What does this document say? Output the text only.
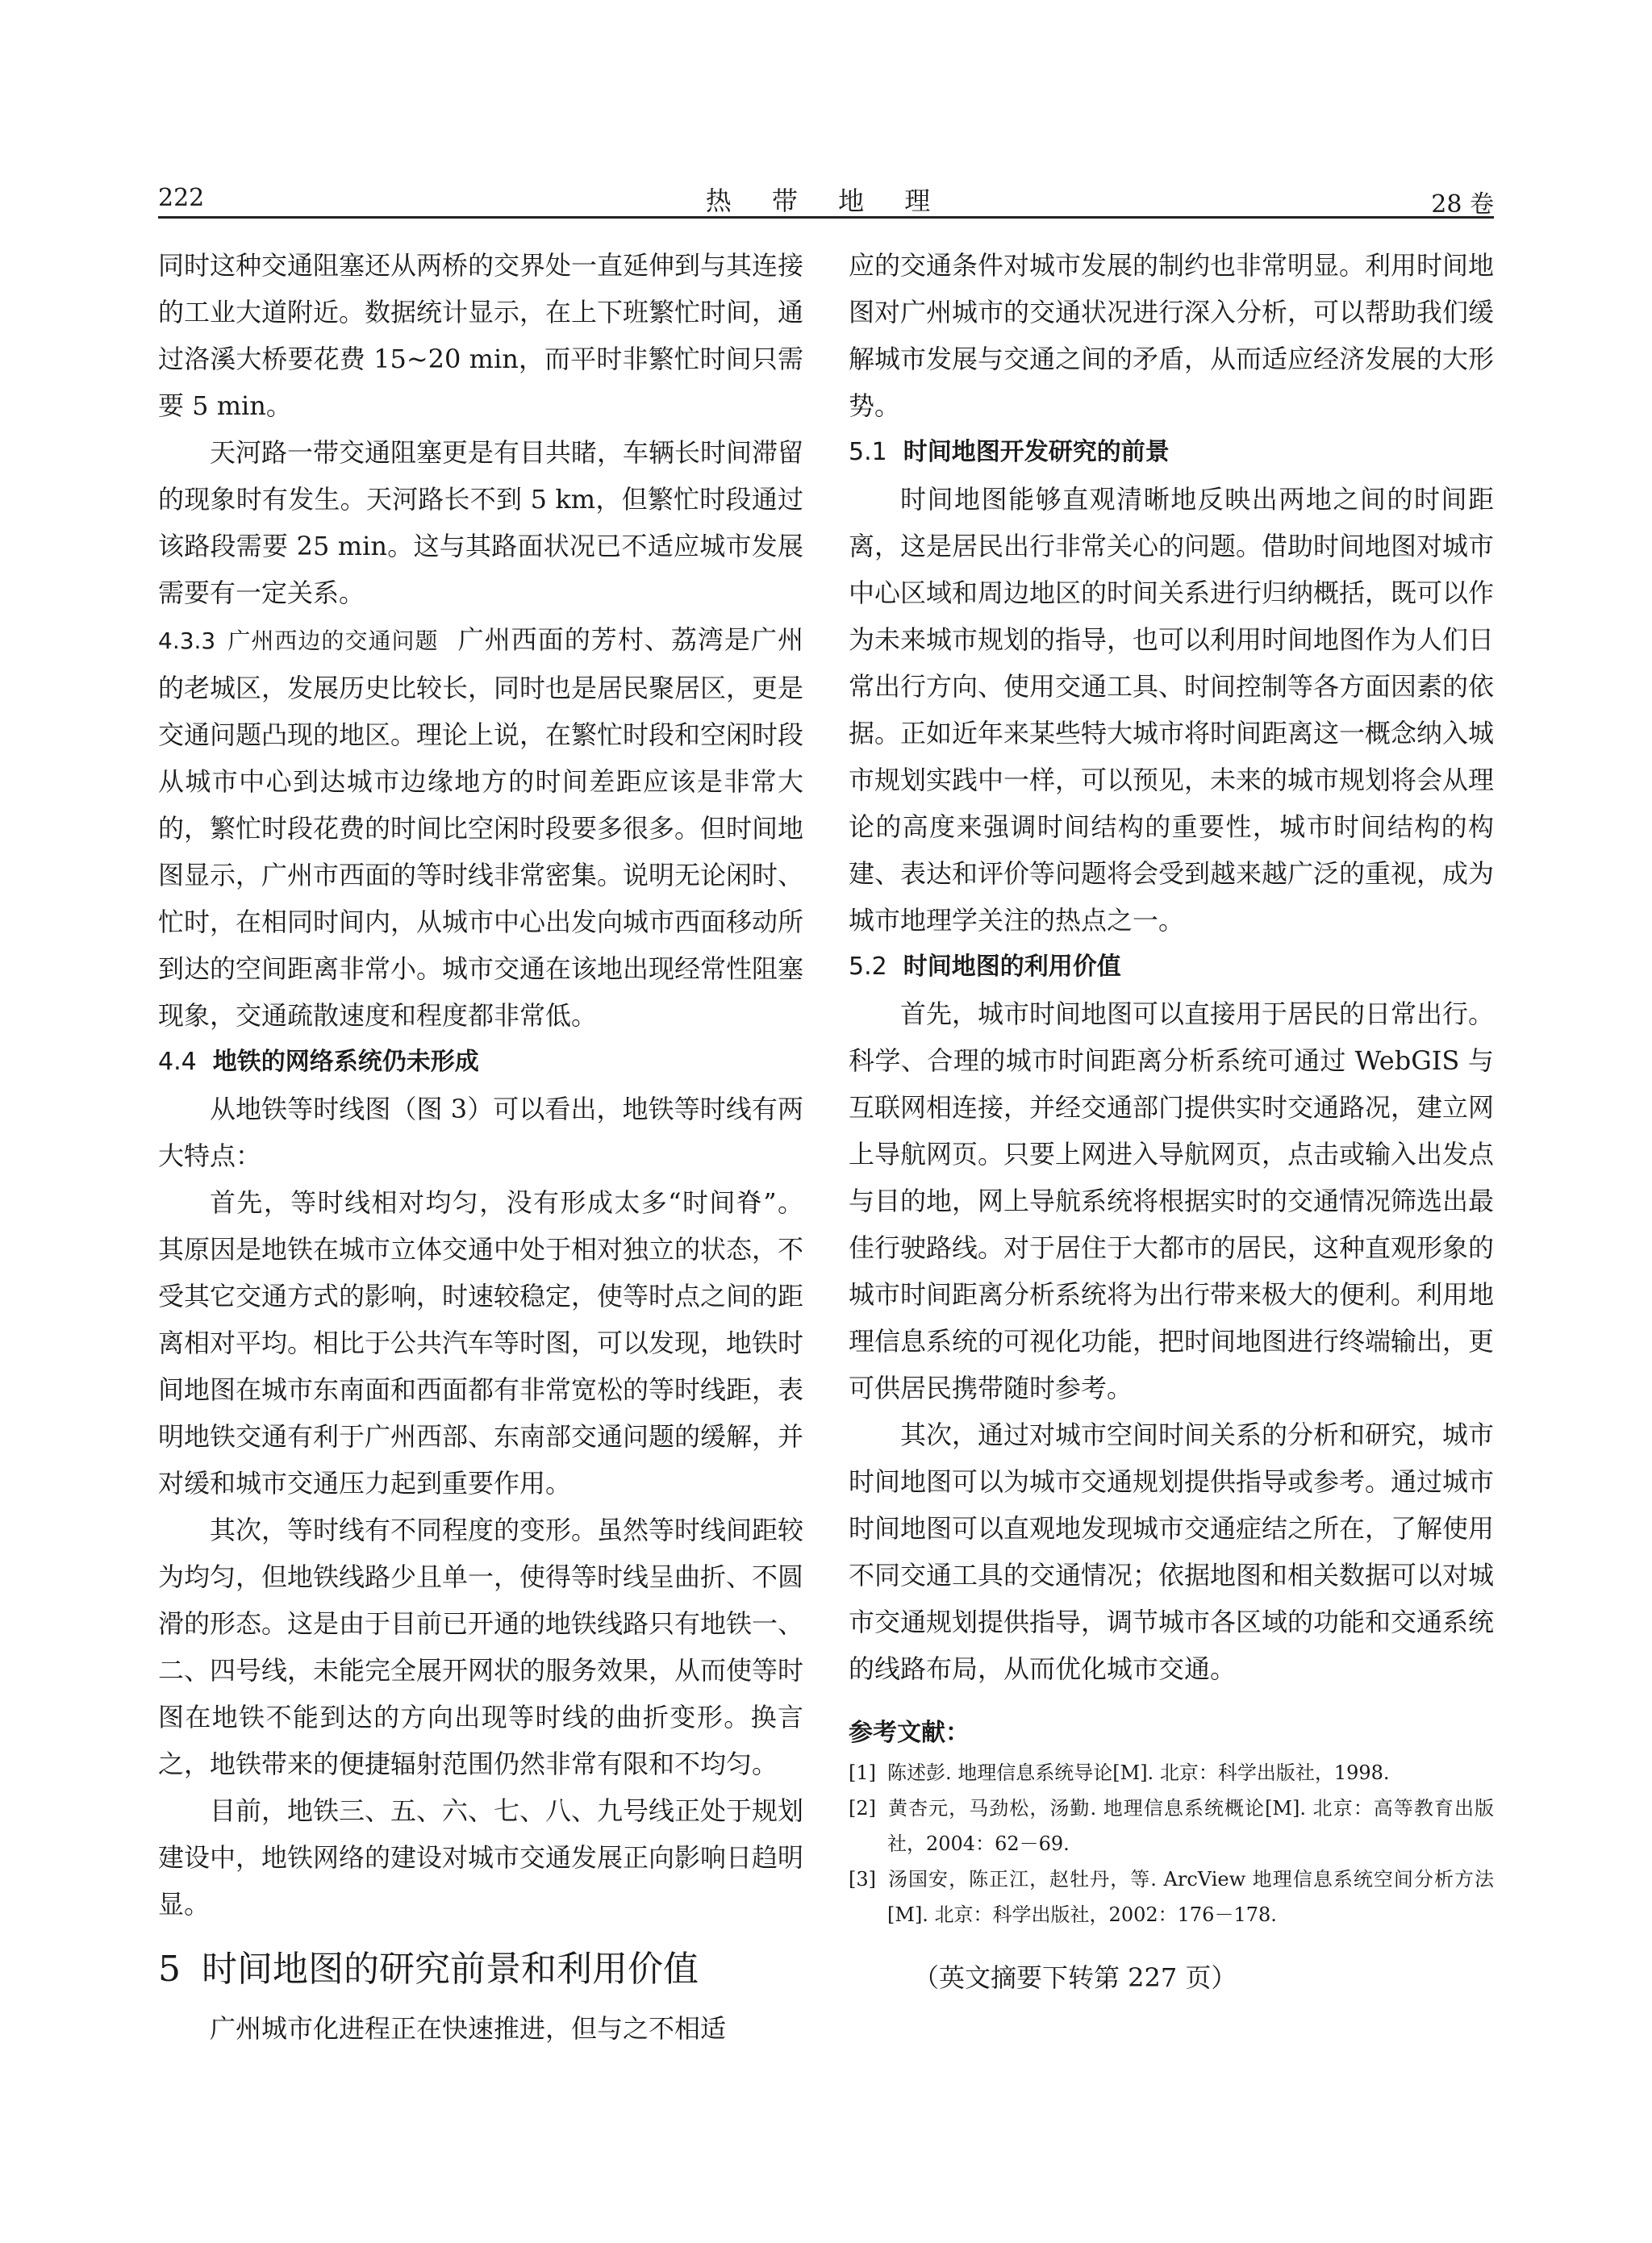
222	热 带 地 理	28 卷

同时这种交通阻塞还从两桥的交界处一直延伸到与其连接的工业大道附近。数据统计显示，在上下班繁忙时间，通过洛溪大桥要花费 15~20 min，而平时非繁忙时间只需要 5 min。

天河路一带交通阻塞更是有目共睹，车辆长时间滞留的现象时有发生。天河路长不到 5 km，但繁忙时段通过该路段需要 25 min。这与其路面状况已不适应城市发展需要有一定关系。

4.3.3 广州西边的交通问题 广州西面的芳村、荔湾是广州的老城区，发展历史比较长，同时也是居民聚居区，更是交通问题凸现的地区。理论上说，在繁忙时段和空闲时段从城市中心到达城市边缘地方的时间差距应该是非常大的，繁忙时段花费的时间比空闲时段要多很多。但时间地图显示，广州市西面的等时线非常密集。说明无论闲时、忙时，在相同时间内，从城市中心出发向城市西面移动所到达的空间距离非常小。城市交通在该地出现经常性阻塞现象，交通疏散速度和程度都非常低。

4.4 地铁的网络系统仍未形成

从地铁等时线图（图 3）可以看出，地铁等时线有两大特点：

首先，等时线相对均匀，没有形成太多“时间脊”。其原因是地铁在城市立体交通中处于相对独立的状态，不受其它交通方式的影响，时速较稳定，使等时点之间的距离相对平均。相比于公共汽车等时图，可以发现，地铁时间地图在城市东南面和西面都有非常宽松的等时线距，表明地铁交通有利于广州西部、东南部交通问题的缓解，并对缓和城市交通压力起到重要作用。

其次，等时线有不同程度的变形。虽然等时线间距较为均匀，但地铁线路少且单一，使得等时线呈曲折、不圆滑的形态。这是由于目前已开通的地铁线路只有地铁一、二、四号线，未能完全展开网状的服务效果，从而使等时图在地铁不能到达的方向出现等时线的曲折变形。换言之，地铁带来的便捷辐射范围仍然非常有限和不均匀。

目前，地铁三、五、六、七、八、九号线正处于规划建设中，地铁网络的建设对城市交通发展正向影响日趋明显。

5 时间地图的研究前景和利用价值

广州城市化进程正在快速推进，但与之不相适

应的交通条件对城市发展的制约也非常明显。利用时间地图对广州城市的交通状况进行深入分析，可以帮助我们缓解城市发展与交通之间的矛盾，从而适应经济发展的大形势。

5.1 时间地图开发研究的前景

时间地图能够直观清晰地反映出两地之间的时间距离，这是居民出行非常关心的问题。借助时间地图对城市中心区域和周边地区的时间关系进行归纳概括，既可以作为未来城市规划的指导，也可以利用时间地图作为人们日常出行方向、使用交通工具、时间控制等各方面因素的依据。正如近年来某些特大城市将时间距离这一概念纳入城市规划实践中一样，可以预见，未来的城市规划将会从理论的高度来强调时间结构的重要性，城市时间结构的构建、表达和评价等问题将会受到越来越广泛的重视，成为城市地理学关注的热点之一。

5.2 时间地图的利用价值

首先，城市时间地图可以直接用于居民的日常出行。科学、合理的城市时间距离分析系统可通过 WebGIS 与互联网相连接，并经交通部门提供实时交通路况，建立网上导航网页。只要上网进入导航网页，点击或输入出发点与目的地，网上导航系统将根据实时的交通情况筛选出最佳行驶路线。对于居住于大都市的居民，这种直观形象的城市时间距离分析系统将为出行带来极大的便利。利用地理信息系统的可视化功能，把时间地图进行终端输出，更可供居民携带随时参考。

其次，通过对城市空间时间关系的分析和研究，城市时间地图可以为城市交通规划提供指导或参考。通过城市时间地图可以直观地发现城市交通症结之所在，了解使用不同交通工具的交通情况；依据地图和相关数据可以对城市交通规划提供指导，调节城市各区域的功能和交通系统的线路布局，从而优化城市交通。

参考文献：

[1] 陈述彭. 地理信息系统导论[M]. 北京：科学出版社，1998.

[2] 黄杏元，马劲松，汤勤. 地理信息系统概论[M]. 北京：高等教育出版社，2004：62－69.

[3] 汤国安，陈正江，赵牡丹，等. ArcView 地理信息系统空间分析方法[M]. 北京：科学出版社，2002：176－178.

（英文摘要下转第 227 页）
